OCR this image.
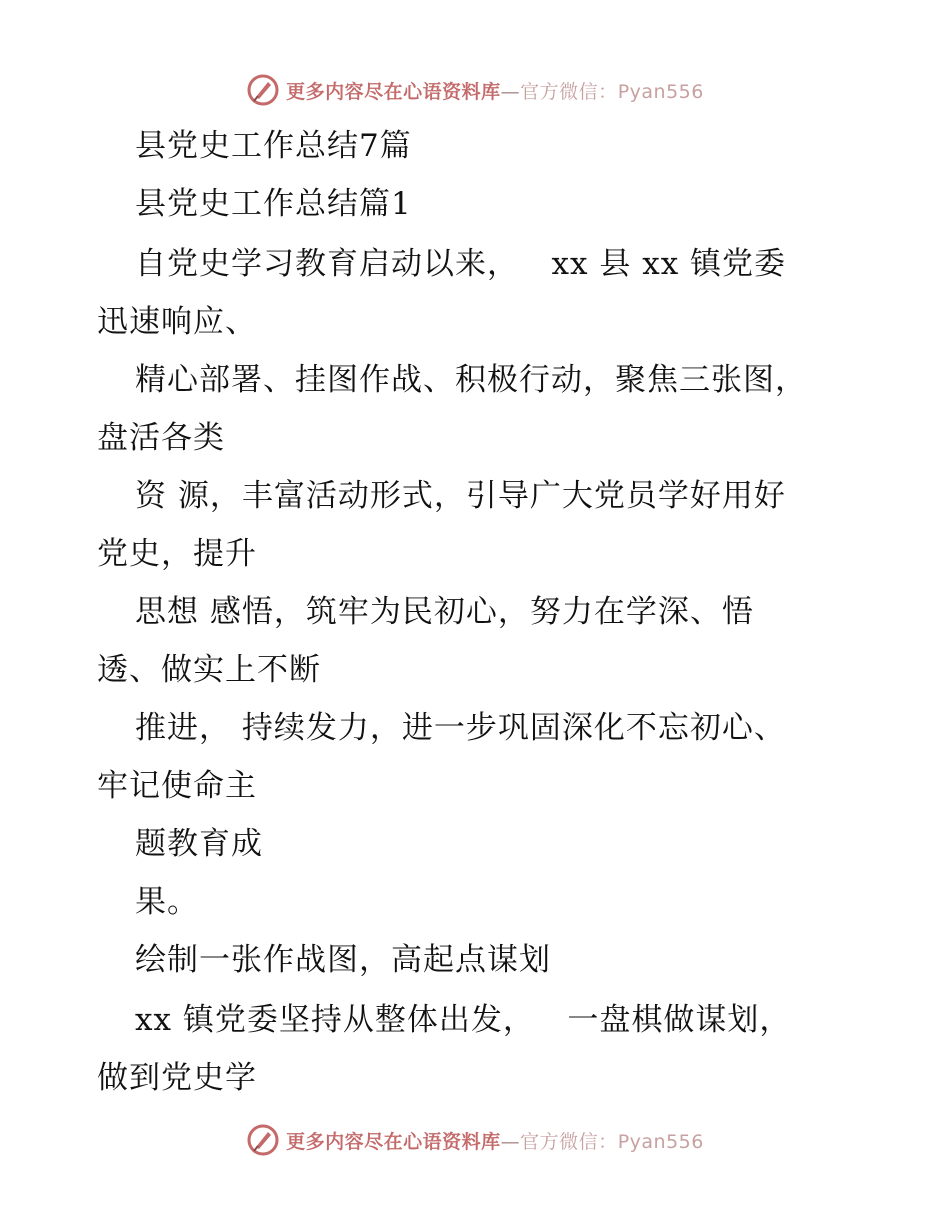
更多内容尽在心语资料库—官方微信：Pyan556
县党史工作总结7篇
县党史工作总结篇1
自党史学习教育启动以来，   xx 县 xx 镇党委
迅速响应、
精心部署、挂图作战、积极行动，聚焦三张图，
盘活各类
资 源，丰富活动形式，引导广大党员学好用好
党史，提升
思想 感悟，筑牢为民初心，努力在学深、悟
透、做实上不断
推进， 持续发力，进一步巩固深化不忘初心、
牢记使命主
题教育成
果。
绘制一张作战图，高起点谋划
xx 镇党委坚持从整体出发，   一盘棋做谋划，
做到党史学
更多内容尽在心语资料库—官方微信：Pyan556
